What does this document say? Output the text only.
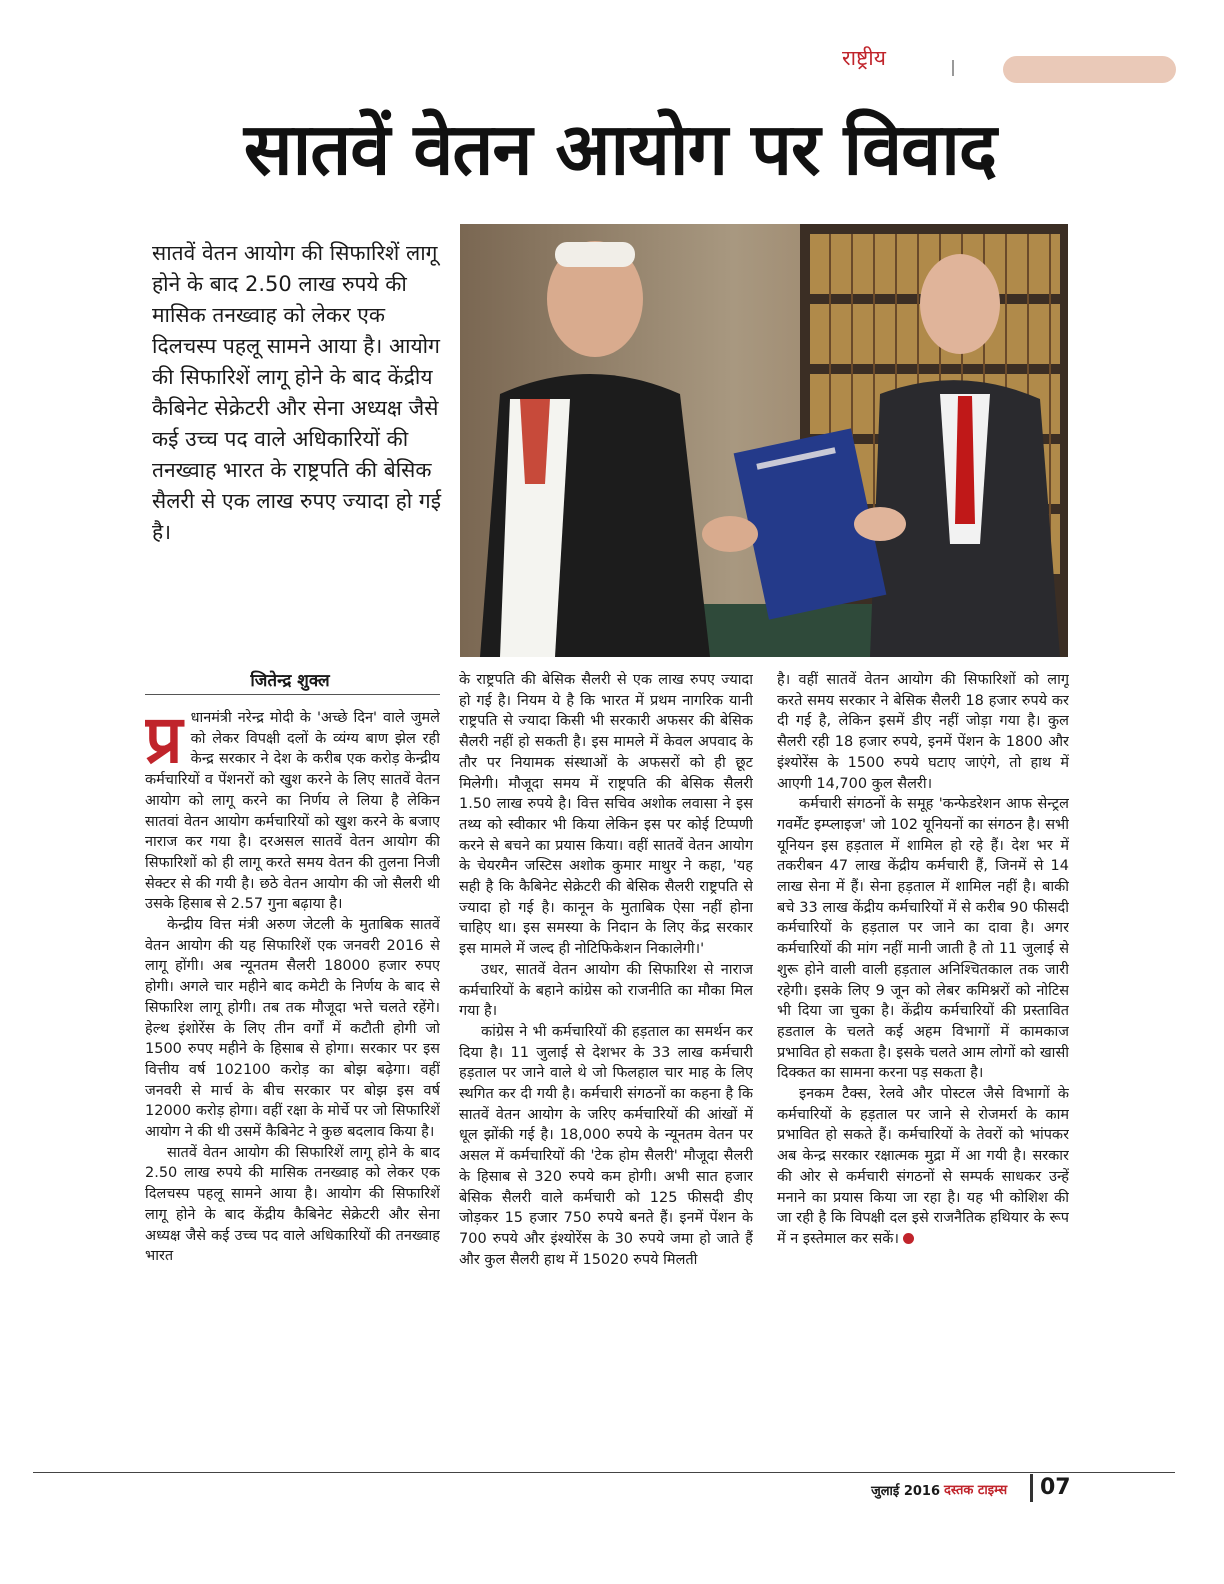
राष्ट्रीय
सातवें वेतन आयोग पर विवाद
सातवें वेतन आयोग की सिफारिशें लागू होने के बाद 2.50 लाख रुपये की मासिक तनख्वाह को लेकर एक दिलचस्प पहलू सामने आया है। आयोग की सिफारिशें लागू होने के बाद केंद्रीय कैबिनेट सेक्रेटरी और सेना अध्यक्ष जैसे कई उच्च पद वाले अधिकारियों की तनख्वाह भारत के राष्ट्रपति की बेसिक सैलरी से एक लाख रुपए ज्यादा हो गई है।
जितेन्द्र शुक्ल
प्र धानमंत्री नरेन्द्र मोदी के 'अच्छे दिन' वाले जुमले को लेकर विपक्षी दलों के व्यंग्य बाण झेल रही केन्द्र सरकार ने देश के करीब एक करोड़ केन्द्रीय कर्मचारियों व पेंशनरों को खुश करने के लिए सातवें वेतन आयोग को लागू करने का निर्णय ले लिया है लेकिन सातवां वेतन आयोग कर्मचारियों को खुश करने के बजाए नाराज कर गया है। दरअसल सातवें वेतन आयोग की सिफारिशों को ही लागू करते समय वेतन की तुलना निजी सेक्टर से की गयी है। छठे वेतन आयोग की जो सैलरी थी उसके हिसाब से 2.57 गुना बढ़ाया है।

केन्द्रीय वित्त मंत्री अरुण जेटली के मुताबिक सातवें वेतन आयोग की यह सिफारिशें एक जनवरी 2016 से लागू होंगी। अब न्यूनतम सैलरी 18000 हजार रुपए होगी। अगले चार महीने बाद कमेटी के निर्णय के बाद से सिफारिश लागू होगी। तब तक मौजूदा भत्ते चलते रहेंगे। हेल्थ इंशोरेंस के लिए तीन वर्गों में कटौती होगी जो 1500 रुपए महीने के हिसाब से होगा। सरकार पर इस वित्तीय वर्ष 102100 करोड़ का बोझ बढ़ेगा। वहीं जनवरी से मार्च के बीच सरकार पर बोझ इस वर्ष 12000 करोड़ होगा। वहीं रक्षा के मोर्चे पर जो सिफारिशें आयोग ने की थी उसमें कैबिनेट ने कुछ बदलाव किया है।

सातवें वेतन आयोग की सिफारिशें लागू होने के बाद 2.50 लाख रुपये की मासिक तनख्वाह को लेकर एक दिलचस्प पहलू सामने आया है। आयोग की सिफारिशें लागू होने के बाद केंद्रीय कैबिनेट सेक्रेटरी और सेना अध्यक्ष जैसे कई उच्च पद वाले अधिकारियों की तनख्वाह भारत

के राष्ट्रपति की बेसिक सैलरी से एक लाख रुपए ज्यादा हो गई है। नियम ये है कि भारत में प्रथम नागरिक यानी राष्ट्रपति से ज्यादा किसी भी सरकारी अफसर की बेसिक सैलरी नहीं हो सकती है। इस मामले में केवल अपवाद के तौर पर नियामक संस्थाओं के अफसरों को ही छूट मिलेगी। मौजूदा समय में राष्ट्रपति की बेसिक सैलरी 1.50 लाख रुपये है। वित्त सचिव अशोक लवासा ने इस तथ्य को स्वीकार भी किया लेकिन इस पर कोई टिप्पणी करने से बचने का प्रयास किया। वहीं सातवें वेतन आयोग के चेयरमैन जस्टिस अशोक कुमार माथुर ने कहा, 'यह सही है कि कैबिनेट सेक्रेटरी की बेसिक सैलरी राष्ट्रपति से ज्यादा हो गई है। कानून के मुताबिक ऐसा नहीं होना चाहिए था। इस समस्या के निदान के लिए केंद्र सरकार इस मामले में जल्द ही नोटिफिकेशन निकालेगी।'

उधर, सातवें वेतन आयोग की सिफारिश से नाराज कर्मचारियों के बहाने कांग्रेस को राजनीति का मौका मिल गया है।

कांग्रेस ने भी कर्मचारियों की हड़ताल का समर्थन कर दिया है। 11 जुलाई से देशभर के 33 लाख कर्मचारी हड़ताल पर जाने वाले थे जो फिलहाल चार माह के लिए स्थगित कर दी गयी है। कर्मचारी संगठनों का कहना है कि सातवें वेतन आयोग के जरिए कर्मचारियों की आंखों में धूल झोंकी गई है। 18,000 रुपये के न्यूनतम वेतन पर असल में कर्मचारियों की 'टेक होम सैलरी' मौजूदा सैलरी के हिसाब से 320 रुपये कम होगी। अभी सात हजार बेसिक सैलरी वाले कर्मचारी को 125 फीसदी डीए जोड़कर 15 हजार 750 रुपये बनते हैं। इनमें पेंशन के 700 रुपये और इंश्योरेंस के 30 रुपये जमा हो जाते हैं और कुल सैलरी हाथ में 15020 रुपये मिलती

है। वहीं सातवें वेतन आयोग की सिफारिशों को लागू करते समय सरकार ने बेसिक सैलरी 18 हजार रुपये कर दी गई है, लेकिन इसमें डीए नहीं जोड़ा गया है। कुल सैलरी रही 18 हजार रुपये, इनमें पेंशन के 1800 और इंश्योरेंस के 1500 रुपये घटाए जाएंगे, तो हाथ में आएगी 14,700 कुल सैलरी।

कर्मचारी संगठनों के समूह 'कन्फेडरेशन आफ सेन्ट्रल गवर्मेंट इम्प्लाइज' जो 102 यूनियनों का संगठन है। सभी यूनियन इस हड़ताल में शामिल हो रहे हैं। देश भर में तकरीबन 47 लाख केंद्रीय कर्मचारी हैं, जिनमें से 14 लाख सेना में हैं। सेना हड़ताल में शामिल नहीं है। बाकी बचे 33 लाख केंद्रीय कर्मचारियों में से करीब 90 फीसदी कर्मचारियों के हड़ताल पर जाने का दावा है। अगर कर्मचारियों की मांग नहीं मानी जाती है तो 11 जुलाई से शुरू होने वाली वाली हड़ताल अनिश्चितकाल तक जारी रहेगी। इसके लिए 9 जून को लेबर कमिश्नरों को नोटिस भी दिया जा चुका है। केंद्रीय कर्मचारियों की प्रस्तावित हडताल के चलते कई अहम विभागों में कामकाज प्रभावित हो सकता है। इसके चलते आम लोगों को खासी दिक्कत का सामना करना पड़ सकता है।

इनकम टैक्स, रेलवे और पोस्टल जैसे विभागों के कर्मचारियों के हड़ताल पर जाने से रोजमर्रा के काम प्रभावित हो सकते हैं। कर्मचारियों के तेवरों को भांपकर अब केन्द्र सरकार रक्षात्मक मुद्रा में आ गयी है। सरकार की ओर से कर्मचारी संगठनों से सम्पर्क साधकर उन्हें मनाने का प्रयास किया जा रहा है। यह भी कोशिश की जा रही है कि विपक्षी दल इसे राजनैतिक हथियार के रूप में न इस्तेमाल कर सकें।

जुलाई 2016 दस्तक टाइम्स	07
